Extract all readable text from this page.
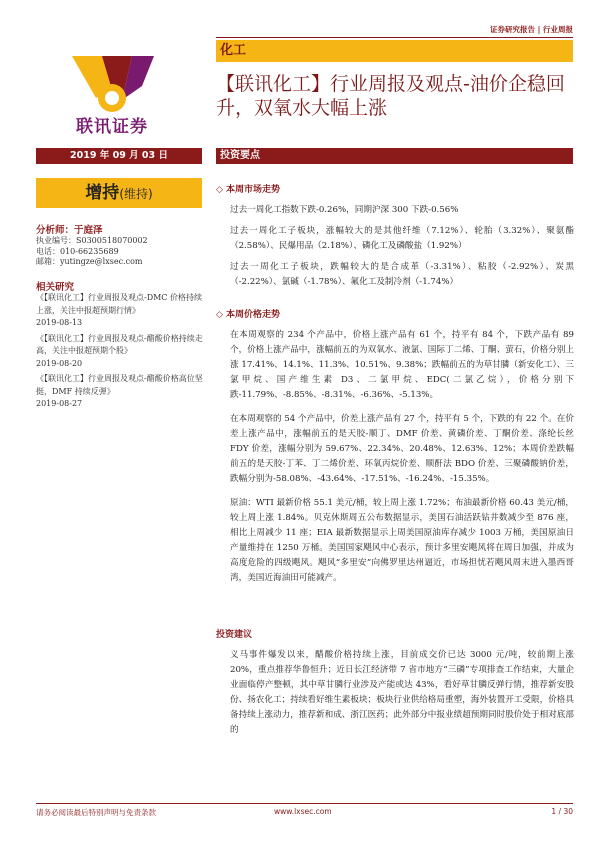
证券研究报告 | 行业周报
联讯证券
化工
【联讯化工】行业周报及观点-油价企稳回升，双氧水大幅上涨
2019 年 09 月 03 日
增持(维持)
分析师：于庭泽
执业编号：S0300518070002
电话：010-66235689
邮箱：yutingze@lxsec.com
相关研究
《【联讯化工】行业周报及观点-DMC 价格持续上涨，关注中报超预期行情》
2019-08-13
《【联讯化工】行业周报及观点-醋酸价格持续走高，关注中报超预期个股》
2019-08-20
《【联讯化工】行业周报及观点-醋酸价格高位坚挺，DMF 持续反弹》
2019-08-27
投资要点
◇ 本周市场走势
过去一周化工指数下跌-0.26%，同期沪深 300 下跌-0.56%
过去一周化工子板块，涨幅较大的是其他纤维（7.12%）、轮胎（3.32%）、聚氨酯（2.58%）、民爆用品（2.18%）、磷化工及磷酸盐（1.92%）
过去一周化工子板块，跌幅较大的是合成革（-3.31%）、粘胶（-2.92%）、炭黑（-2.22%）、氯碱（-1.78%）、氟化工及制冷剂（-1.74%）
◇ 本周价格走势
在本周观察的 234 个产品中，价格上涨产品有 61 个，持平有 84 个，下跌产品有 89 个，价格上涨产品中，涨幅前五的为双氧水、液氯、国际丁二烯、丁酮、萤石，价格分别上涨 17.41%、14.1%、11.3%、10.51%、9.38%；跌幅前五的为草甘膦（新安化工）、三氯甲烷、国产维生素 D3、二氯甲烷、EDC(二氯乙烷），价格分别下跌-11.79%、-8.85%、-8.31%、-6.36%、-5.13%。
在本周观察的 54 个产品中，价差上涨产品有 27 个，持平有 5 个，下跌的有 22 个。在价差上涨产品中，涨幅前五的是天胶-顺丁、DMF 价差、黄磷价差、丁酮价差、涤纶长丝 FDY 价差，涨幅分别为 59.67%、22.34%、20.48%、12.63%、12%；本周价差跌幅前五的是天胶-丁苯、丁二烯价差、环氧丙烷价差、顺酐法 BDO 价差、三聚磷酸钠价差，跌幅分别为-58.08%、-43.64%、-17.51%、-16.24%、-15.35%。
原油：WTI 最新价格 55.1 美元/桶，较上周上涨 1.72%；布油最新价格 60.43 美元/桶，较上周上涨 1.84%。贝克休斯周五公布数据显示，美国石油活跃钻井数减少至 876 座，相比上周减少 11 座；EIA 最新数据显示上周美国原油库存减少 1003 万桶，美国原油日产量维持在 1250 万桶。美国国家飓风中心表示，预计多里安飓风将在周日加强，并成为高度危险的四级飓风。飓风“多里安”向佛罗里达州逼近，市场担忧若飓风周末进入墨西哥湾，美国近海油田可能减产。
投资建议
义马事件爆发以来，醋酸价格持续上涨，目前成交价已达 3000 元/吨，较前期上涨 20%，重点推荐华鲁恒升；近日长江经济带 7 省市地方“三磷”专项排查工作结束，大量企业面临停产整顿，其中草甘膦行业涉及产能或达 43%，看好草甘膦反弹行情，推荐新安股份、扬农化工；持续看好维生素板块；板块行业供给格局重塑，海外装置开工受限，价格具备持续上涨动力，推荐新和成、浙江医药；此外部分中报业绩超预期同时股价处于相对底部的
请务必阅读最后特别声明与免责条款	www.lxsec.com	1 / 30
